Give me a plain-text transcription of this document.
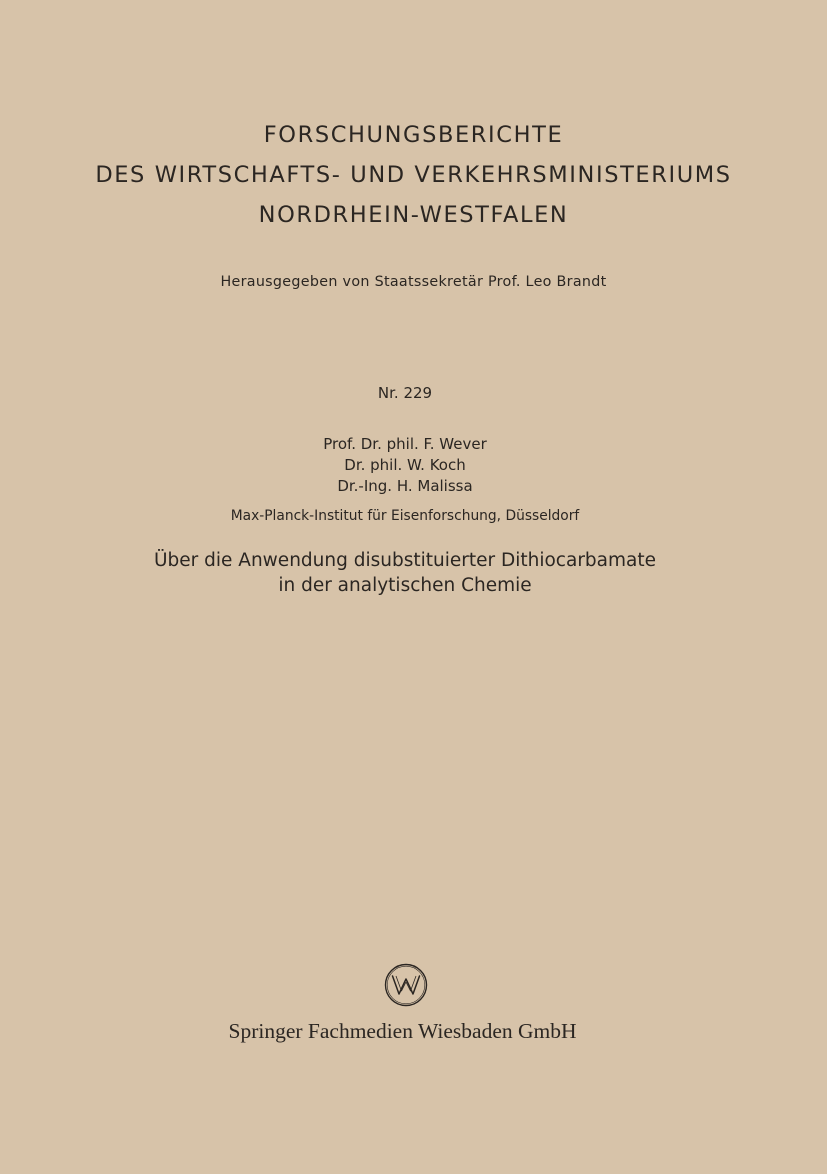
FORSCHUNGSBERICHTE
DES WIRTSCHAFTS- UND VERKEHRSMINISTERIUMS
NORDRHEIN-WESTFALEN
Herausgegeben von Staatssekretär Prof. Leo Brandt
Nr. 229
Prof. Dr. phil. F. Wever
Dr. phil. W. Koch
Dr.-Ing. H. Malissa
Max-Planck-Institut für Eisenforschung, Düsseldorf
Über die Anwendung disubstituierter Dithiocarbamate
in der analytischen Chemie
Springer Fachmedien Wiesbaden GmbH
